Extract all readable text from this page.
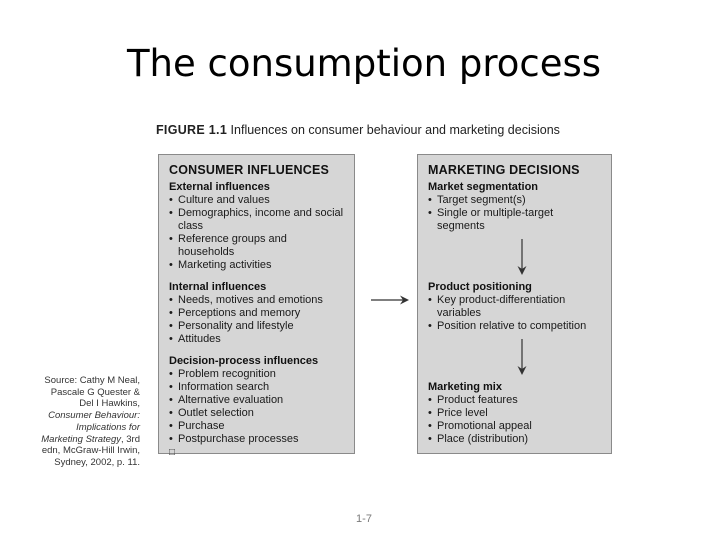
The consumption process
FIGURE 1.1 Influences on consumer behaviour and marketing decisions
CONSUMER INFLUENCES
External influences
• Culture and values
• Demographics, income and social class
• Reference groups and households
• Marketing activities
Internal influences
• Needs, motives and emotions
• Perceptions and memory
• Personality and lifestyle
• Attitudes
Decision-process influences
• Problem recognition
• Information search
• Alternative evaluation
• Outlet selection
• Purchase
• Postpurchase processes
□
MARKETING DECISIONS
Market segmentation
• Target segment(s)
• Single or multiple-target segments
Product positioning
• Key product-differentiation variables
• Position relative to competition
Marketing mix
• Product features
• Price level
• Promotional appeal
• Place (distribution)
Source: Cathy M Neal, Pascale G Quester & Del I Hawkins, Consumer Behaviour: Implications for Marketing Strategy, 3rd edn, McGraw-Hill Irwin, Sydney, 2002, p. 11.
1-7
